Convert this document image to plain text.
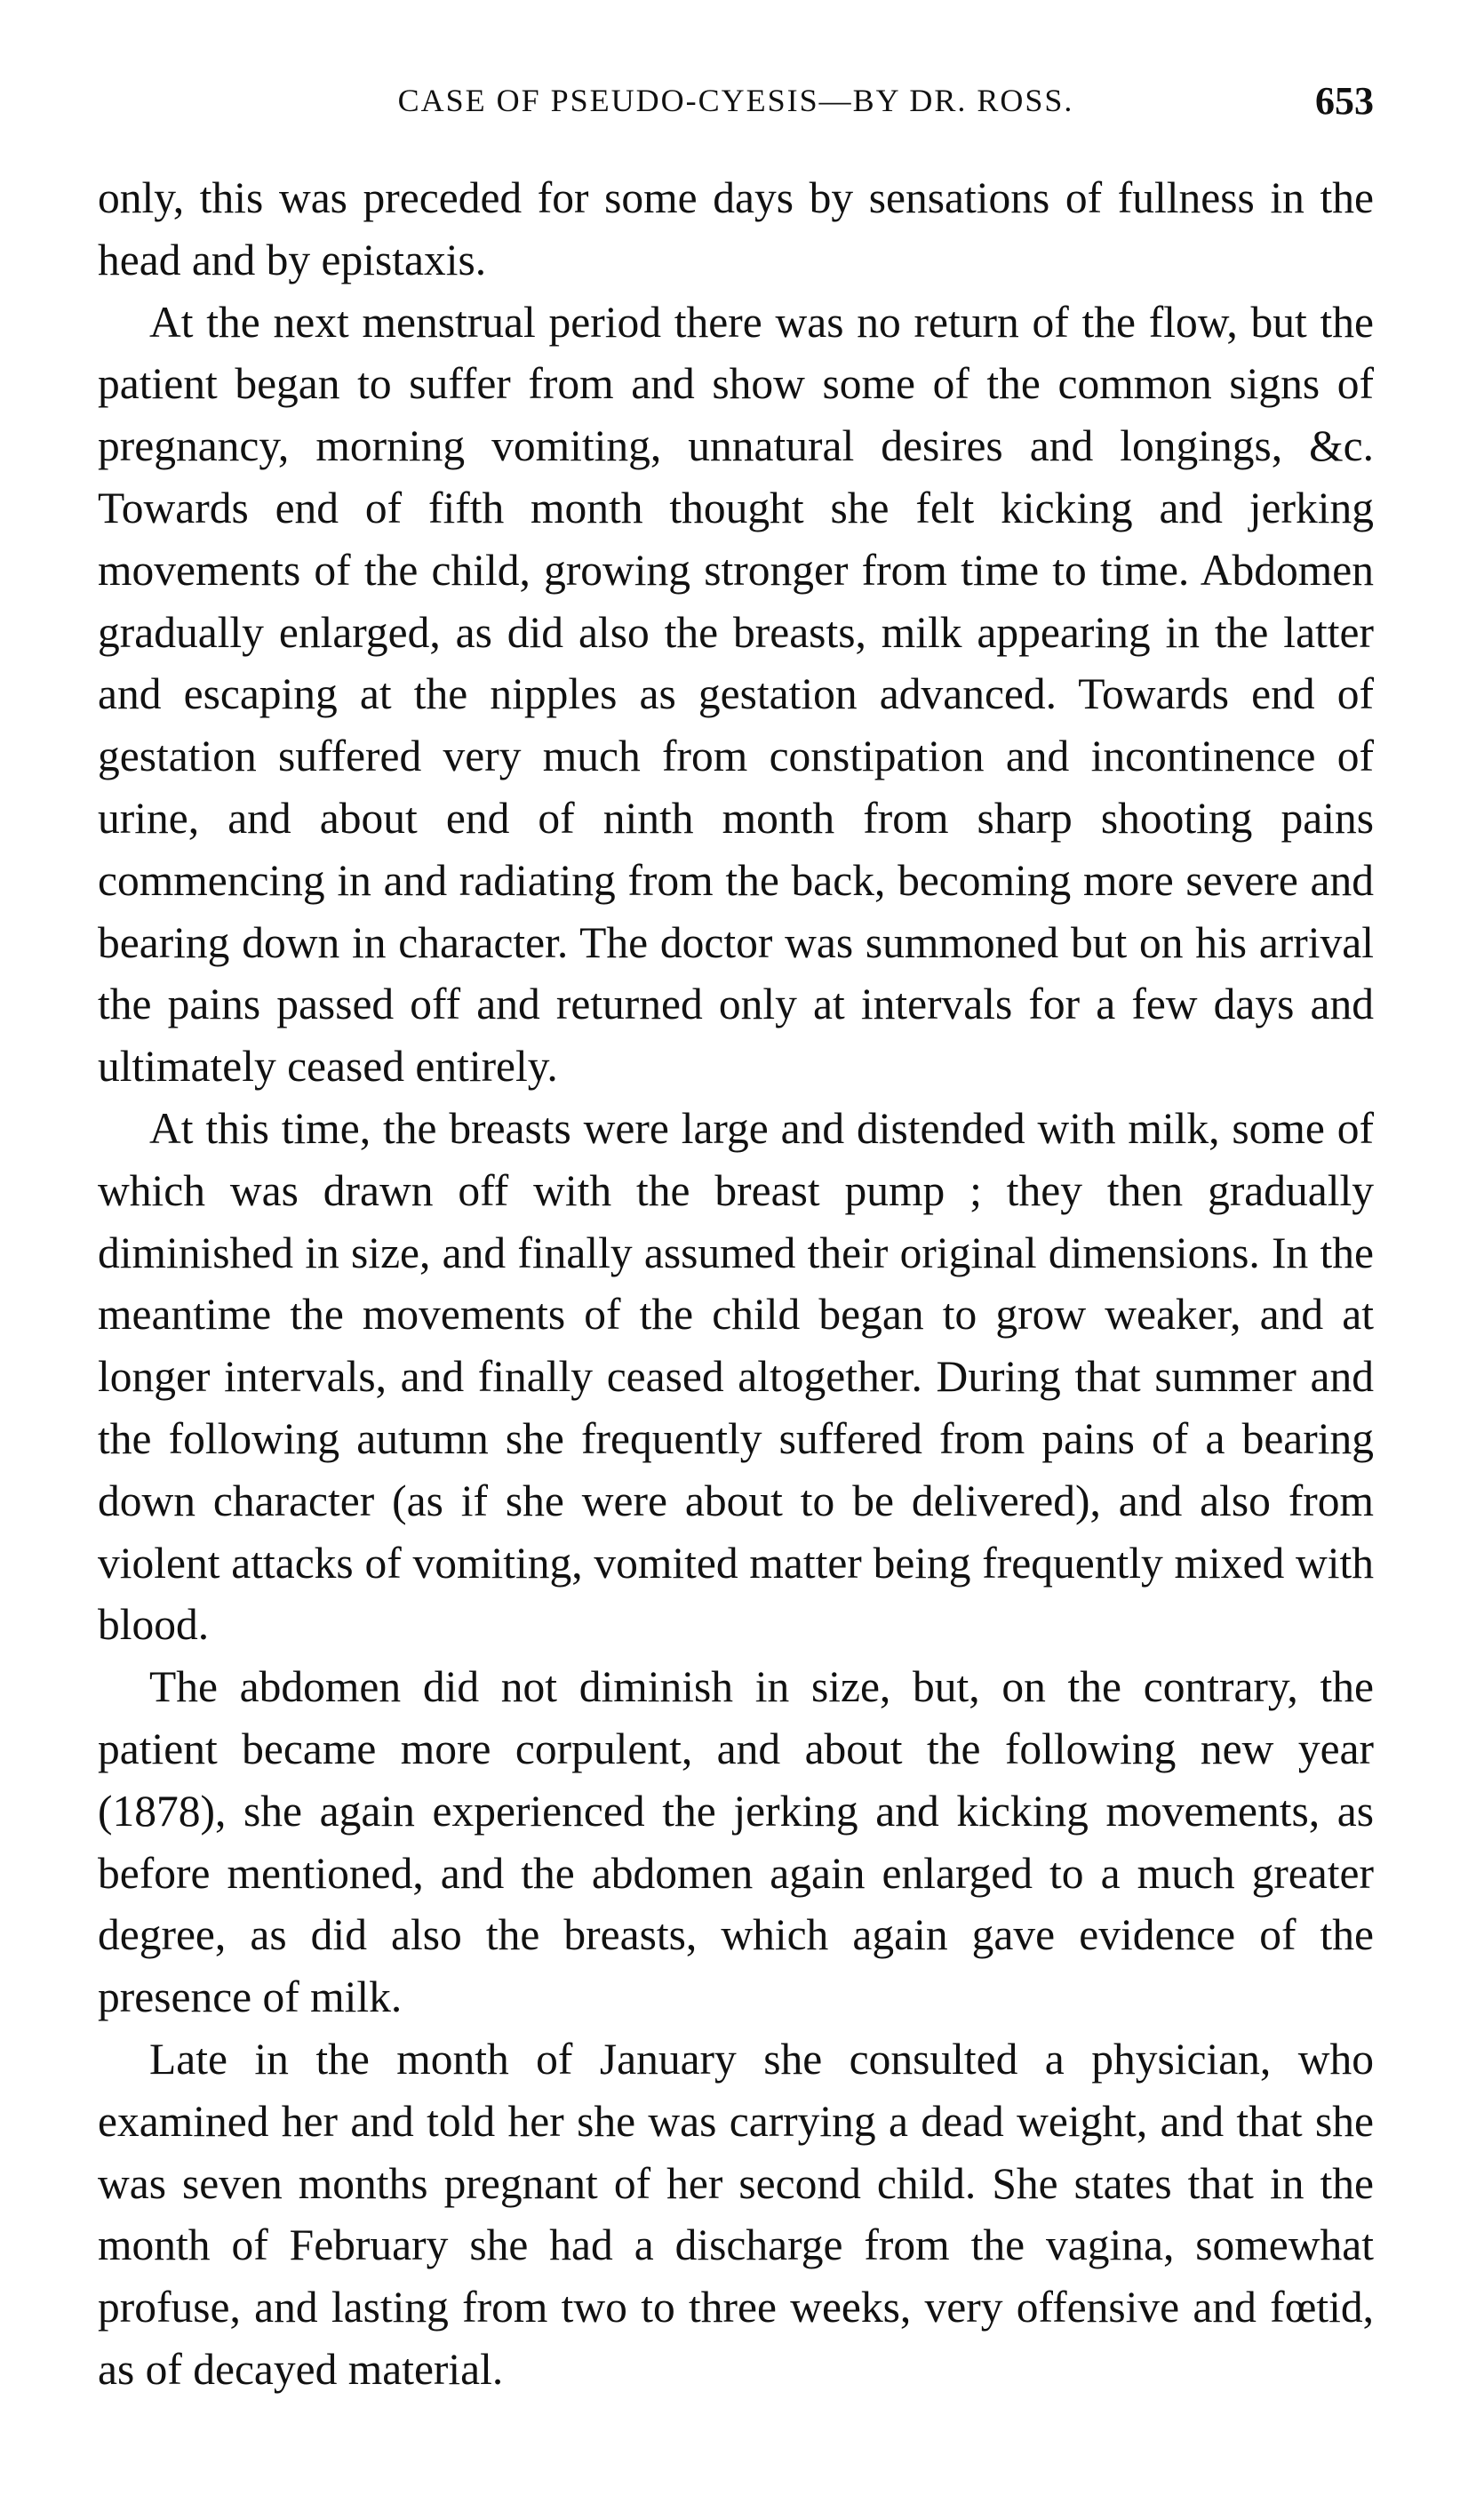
CASE OF PSEUDO-CYESIS—BY DR. ROSS.	653

only, this was preceded for some days by sensations of fullness in the head and by epistaxis.

At the next menstrual period there was no return of the flow, but the patient began to suffer from and show some of the common signs of pregnancy, morning vomiting, unnatural desires and longings, &c. Towards end of fifth month thought she felt kicking and jerking movements of the child, growing stronger from time to time. Abdomen gradually enlarged, as did also the breasts, milk appearing in the latter and escaping at the nipples as gestation advanced. Towards end of gestation suffered very much from constipation and incontinence of urine, and about end of ninth month from sharp shooting pains commencing in and radiating from the back, becoming more severe and bearing down in character. The doctor was summoned but on his arrival the pains passed off and returned only at intervals for a few days and ultimately ceased entirely.

At this time, the breasts were large and distended with milk, some of which was drawn off with the breast pump ; they then gradually diminished in size, and finally assumed their original dimensions. In the meantime the movements of the child began to grow weaker, and at longer intervals, and finally ceased altogether. During that summer and the following autumn she frequently suffered from pains of a bearing down character (as if she were about to be delivered), and also from violent attacks of vomiting, vomited matter being frequently mixed with blood.

The abdomen did not diminish in size, but, on the contrary, the patient became more corpulent, and about the following new year (1878), she again experienced the jerking and kicking movements, as before mentioned, and the abdomen again enlarged to a much greater degree, as did also the breasts, which again gave evidence of the presence of milk.

Late in the month of January she consulted a physician, who examined her and told her she was carrying a dead weight, and that she was seven months pregnant of her second child. She states that in the month of February she had a discharge from the vagina, somewhat profuse, and lasting from two to three weeks, very offensive and fœtid, as of decayed material.
